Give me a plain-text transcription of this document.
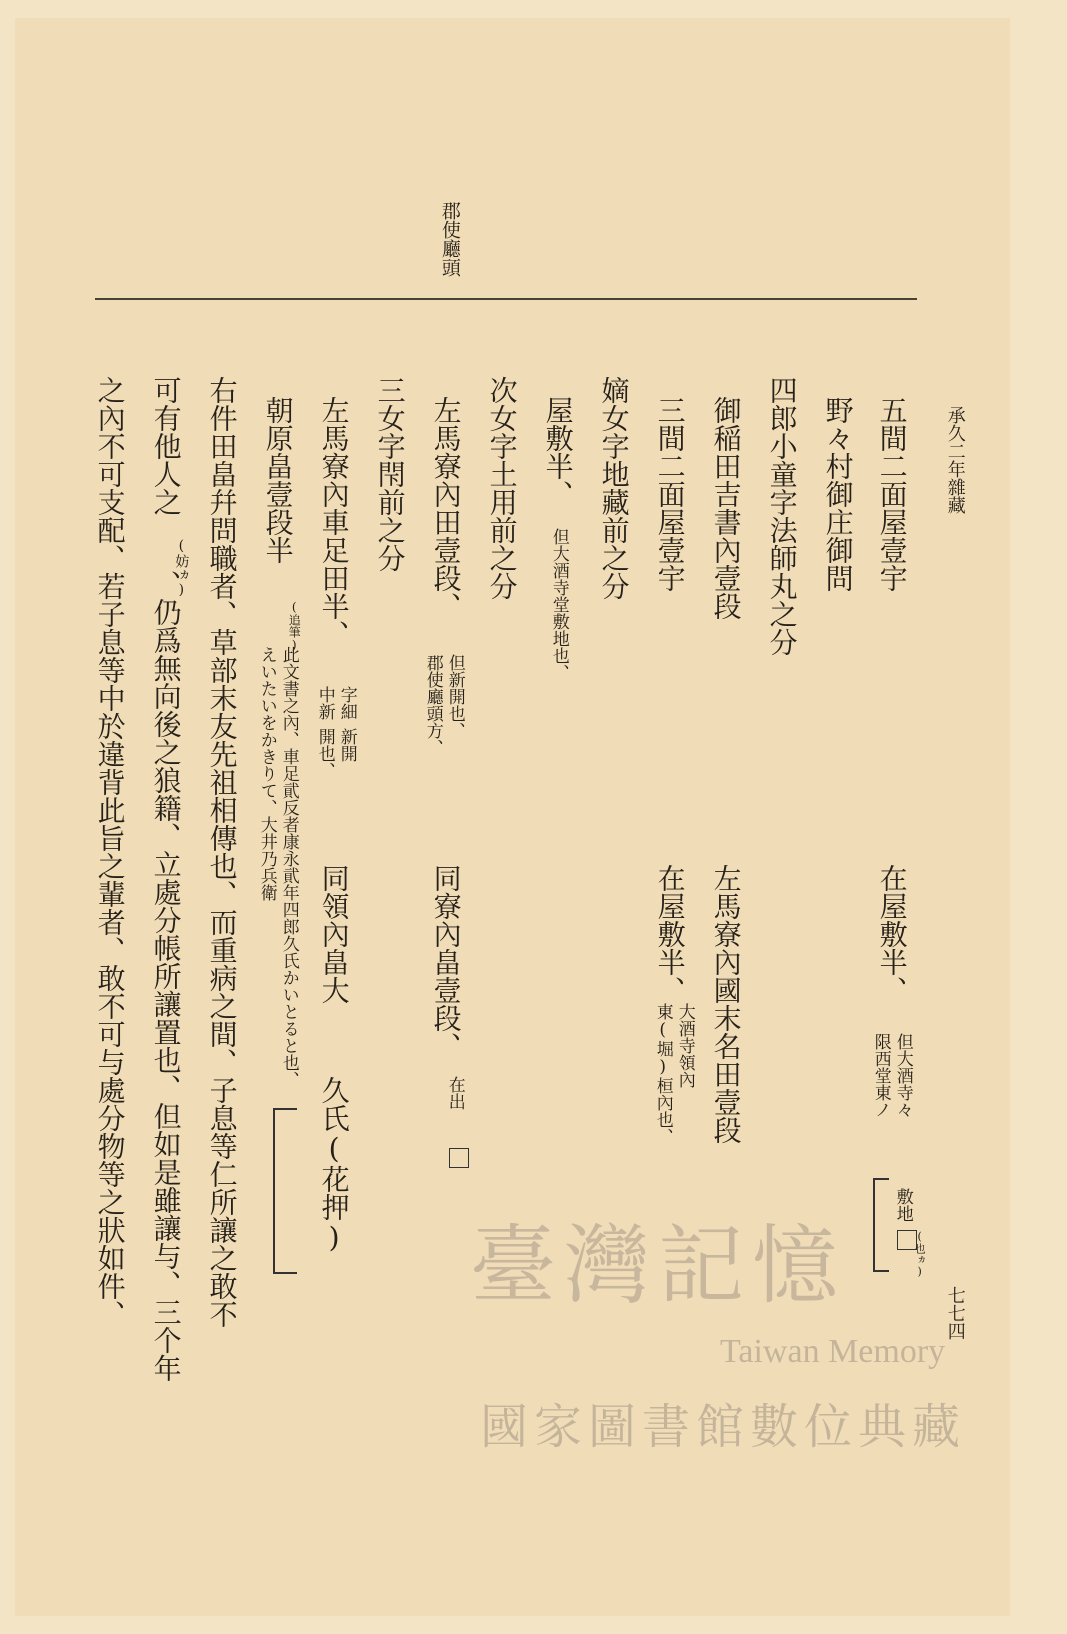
郡使廳頭
承久二年雜藏
七七四
五間二面屋壹宇
在屋敷半、
但大酒寺々
限西堂東ノ
敷地
(也ヵ)
野々村御庄御問
四郎小童字法師丸之分
御稲田吉書內壹段
左馬寮內國末名田壹段
三間二面屋壹宇
在屋敷半、
大酒寺領內
東(堀)桓內也、
嫡女字地藏前之分
屋敷半、
但大酒寺堂敷地也、
次女字土用前之分
左馬寮內田壹段、
但新開也、
郡使廳頭方、
同寮內畠壹段、
在出
三女字閇前之分
左馬寮內車足田半、
字細
中新
新開
開也、
同領內畠大
久氏(花押)
朝原畠壹段半
(追筆)
此文書之內、車足貮反者康永貮年四郎久氏かいとると也、
えいたいをかきりて、大井乃兵衛
右件田畠幷問職者、草部末友先祖相傳也、而重病之間、子息等仁所讓之敢不
可有他人之
(妨ヵ)
、仍爲無向後之狼籍、立處分帳所讓置也、但如是雖讓与、三个年
之內不可支配、若子息等中於違背此旨之輩者、敢不可与處分物等之狀如件、	臺灣記憶
Taiwan Memory
國家圖書館數位典藏
